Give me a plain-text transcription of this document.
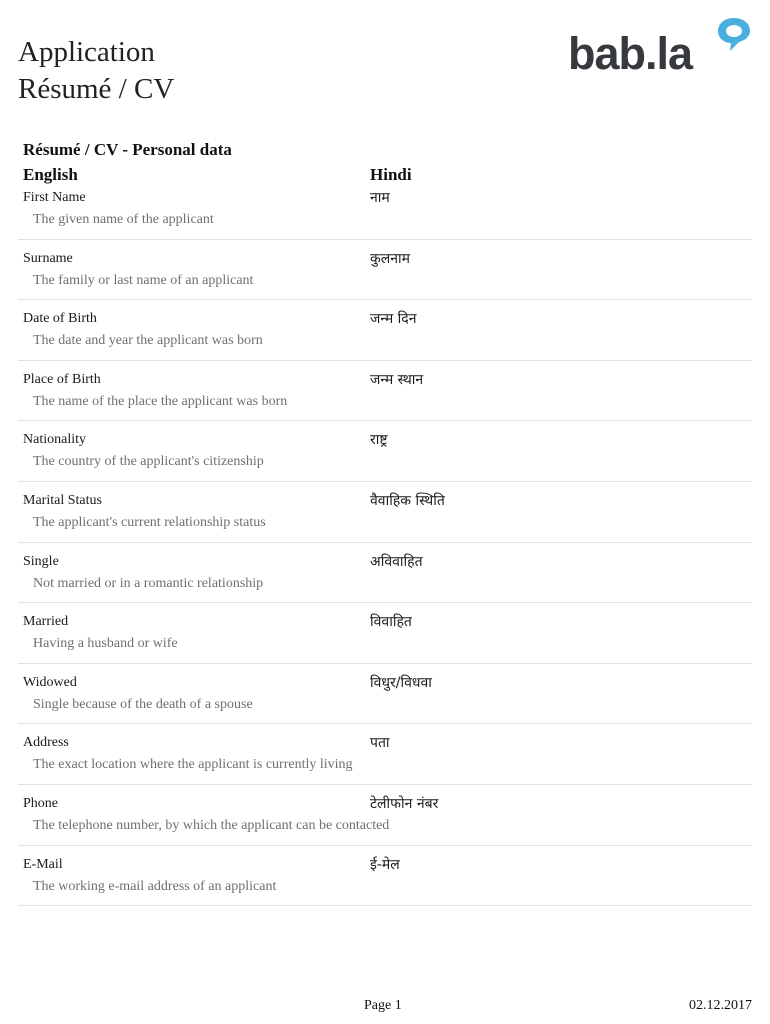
Application
Résumé / CV
bab.la
Résumé / CV - Personal data
English	Hindi
First Name	नाम
The given name of the applicant
Surname	कुलनाम
The family or last name of an applicant
Date of Birth	जन्म दिन
The date and year the applicant was born
Place of Birth	जन्म स्थान
The name of the place the applicant was born
Nationality	राष्ट्र
The country of the applicant's citizenship
Marital Status	वैवाहिक स्थिति
The applicant's current relationship status
Single	अविवाहित
Not married or in a romantic relationship
Married	विवाहित
Having a husband or wife
Widowed	विधुर/विधवा
Single because of the death of a spouse
Address	पता
The exact location where the applicant is currently living
Phone	टेलीफोन नंबर
The telephone number, by which the applicant can be contacted
E-Mail	ई-मेल
The working e-mail address of an applicant
Page 1	02.12.2017
